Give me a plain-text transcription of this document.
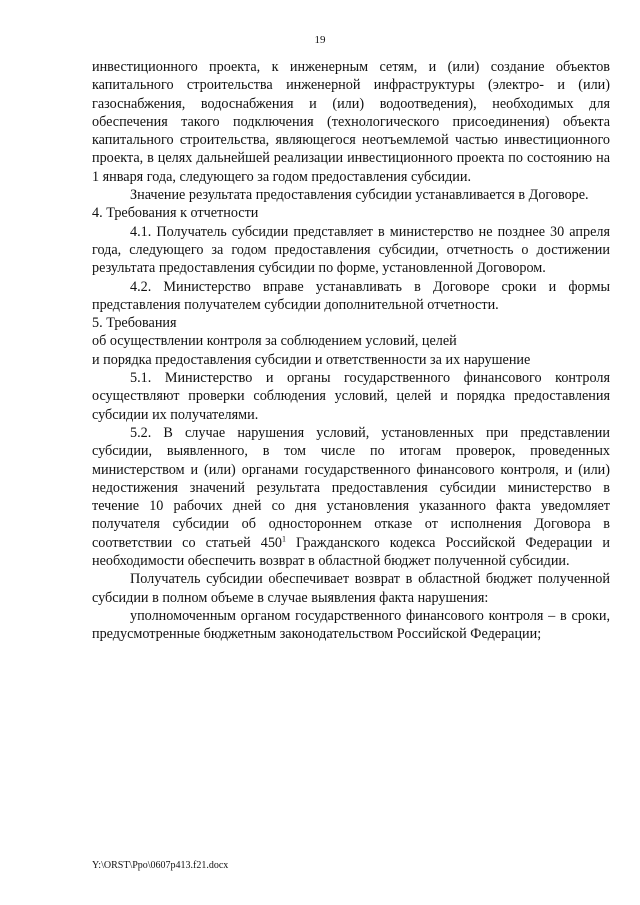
19

инвестиционного проекта, к инженерным сетям, и (или) создание объектов капитального строительства инженерной инфраструктуры (электро- и (или) газоснабжения, водоснабжения и (или) водоотведения), необходимых для обеспечения такого подключения (технологического присоединения) объекта капитального строительства, являющегося неотъемлемой частью инвестиционного проекта, в целях дальнейшей реализации инвестиционного проекта по состоянию на 1 января года, следующего за годом предоставления субсидии.

Значение результата предоставления субсидии устанавливается в Договоре.

4. Требования к отчетности

4.1. Получатель субсидии представляет в министерство не позднее 30 апреля года, следующего за годом предоставления субсидии, отчетность о достижении результата предоставления субсидии по форме, установленной Договором.

4.2. Министерство вправе устанавливать в Договоре сроки и формы представления получателем субсидии дополнительной отчетности.

5. Требования

об осуществлении контроля за соблюдением условий, целей

и порядка предоставления субсидии и ответственности за их нарушение

5.1. Министерство и органы государственного финансового контроля осуществляют проверки соблюдения условий, целей и порядка предоставления субсидии их получателями.

5.2. В случае нарушения условий, установленных при представлении субсидии, выявленного, в том числе по итогам проверок, проведенных министерством и (или) органами государственного финансового контроля, и (или) недостижения значений результата предоставления субсидии министерство в течение 10 рабочих дней со дня установления указанного факта уведомляет получателя субсидии об одностороннем отказе от исполнения Договора в соответствии со статьей $450^1$ Гражданского кодекса Российской Федерации и необходимости обеспечить возврат в областной бюджет полученной субсидии.

Получатель субсидии обеспечивает возврат в областной бюджет полученной субсидии в полном объеме в случае выявления факта нарушения:

уполномоченным органом государственного финансового контроля – в сроки, предусмотренные бюджетным законодательством Российской Федерации;

Y:\ORST\Ppo\0607p413.f21.docx
